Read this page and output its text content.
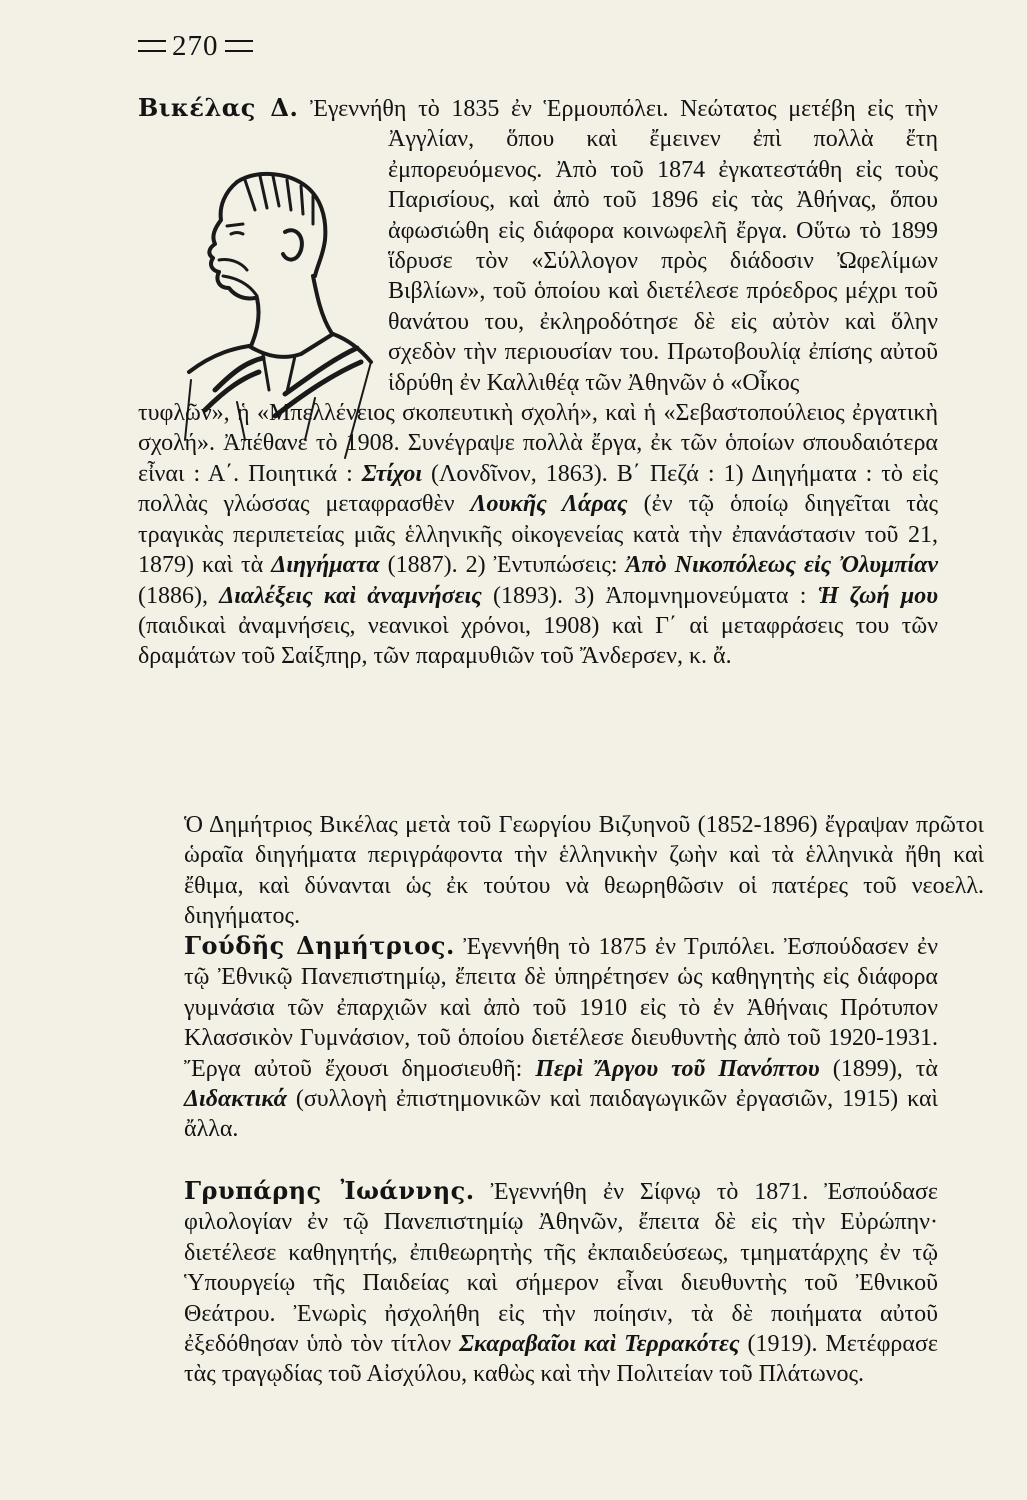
270

Βικέλας Δ. Ἐγεννήθη τὸ 1835 ἐν Ἑρμουπόλει. Νεώτατος μετέβη εἰς τὴν Ἀγγλίαν, ὅπου καὶ ἔμεινεν ἐπὶ πολλὰ ἔτη ἐμπορευόμενος. Ἀπὸ τοῦ 1874 ἐγκατεστάθη εἰς τοὺς Παρισίους, καὶ ἀπὸ τοῦ 1896 εἰς τὰς Ἀθήνας, ὅπου ἀφωσιώθη εἰς διάφορα κοινωφελῆ ἔργα. Οὕτω τὸ 1899 ἵδρυσε τὸν «Σύλλογον πρὸς διάδοσιν Ὠφελίμων Βιβλίων», τοῦ ὁποίου καὶ διετέλεσε πρόεδρος μέχρι τοῦ θανάτου του, ἐκληροδότησε δὲ εἰς αὐτὸν καὶ ὅλην σχεδὸν τὴν περιουσίαν του. Πρωτοβουλίᾳ ἐπίσης αὐτοῦ ἱδρύθη ἐν Καλλιθέᾳ τῶν Ἀθηνῶν ὁ «Οἶκος

τυφλῶν», ἡ «Μπελλένειος σκοπευτικὴ σχολή», καὶ ἡ «Σεβαστοπούλειος ἐργατικὴ σχολή». Ἀπέθανε τὸ 1908. Συνέγραψε πολλὰ ἔργα, ἐκ τῶν ὁποίων σπουδαιότερα εἶναι : Α΄. Ποιητικά : Στίχοι (Λονδῖνον, 1863). Β΄ Πεζά : 1) Διηγήματα : τὸ εἰς πολλὰς γλώσσας μεταφρασθὲν Λουκῆς Λάρας (ἐν τῷ ὁποίῳ διηγεῖται τὰς τραγικὰς περιπετείας μιᾶς ἑλληνικῆς οἰκογενείας κατὰ τὴν ἐπανάστασιν τοῦ 21, 1879) καὶ τὰ Διηγήματα (1887). 2) Ἐντυπώσεις: Ἀπὸ Νικοπόλεως εἰς Ὀλυμπίαν (1886), Διαλέξεις καὶ ἀναμνήσεις (1893). 3) Ἀπομνημονεύματα : Ἡ ζωή μου (παιδικαὶ ἀναμνήσεις, νεανικοὶ χρόνοι, 1908) καὶ Γ΄ αἱ μεταφράσεις του τῶν δραμάτων τοῦ Σαίξπηρ, τῶν παραμυθιῶν τοῦ Ἄνδερσεν, κ. ἄ.

Ὁ Δημήτριος Βικέλας μετὰ τοῦ Γεωργίου Βιζυηνοῦ (1852-1896) ἔγραψαν πρῶτοι ὡραῖα διηγήματα περιγράφοντα τὴν ἑλληνικὴν ζωὴν καὶ τὰ ἑλληνικὰ ἤθη καὶ ἔθιμα, καὶ δύνανται ὡς ἐκ τούτου νὰ θεωρηθῶσιν οἱ πατέρες τοῦ νεοελλ. διηγήματος.

Γούδῆς Δημήτριος. Ἐγεννήθη τὸ 1875 ἐν Τριπόλει. Ἐσπούδασεν ἐν τῷ Ἐθνικῷ Πανεπιστημίῳ, ἔπειτα δὲ ὑπηρέτησεν ὡς καθηγητὴς εἰς διάφορα γυμνάσια τῶν ἐπαρχιῶν καὶ ἀπὸ τοῦ 1910 εἰς τὸ ἐν Ἀθήναις Πρότυπον Κλασσικὸν Γυμνάσιον, τοῦ ὁποίου διετέλεσε διευθυντὴς ἀπὸ τοῦ 1920-1931. Ἔργα αὐτοῦ ἔχουσι δημοσιευθῆ: Περὶ Ἄργου τοῦ Πανόπτου (1899), τὰ Διδακτικά (συλλογὴ ἐπιστημονικῶν καὶ παιδαγωγικῶν ἐργασιῶν, 1915) καὶ ἄλλα.

Γρυπάρης Ἰωάννης. Ἐγεννήθη ἐν Σίφνῳ τὸ 1871. Ἐσπούδασε φιλολογίαν ἐν τῷ Πανεπιστημίῳ Ἀθηνῶν, ἔπειτα δὲ εἰς τὴν Εὐρώπην· διετέλεσε καθηγητής, ἐπιθεωρητὴς τῆς ἐκπαιδεύσεως, τμηματάρχης ἐν τῷ Ὑπουργείῳ τῆς Παιδείας καὶ σήμερον εἶναι διευθυντὴς τοῦ Ἐθνικοῦ Θεάτρου. Ἐνωρὶς ἠσχολήθη εἰς τὴν ποίησιν, τὰ δὲ ποιήματα αὐτοῦ ἐξεδόθησαν ὑπὸ τὸν τίτλον Σκαραβαῖοι καὶ Τερρακότες (1919). Μετέφρασε τὰς τραγῳδίας τοῦ Αἰσχύλου, καθὼς καὶ τὴν Πολιτείαν τοῦ Πλάτωνος.
